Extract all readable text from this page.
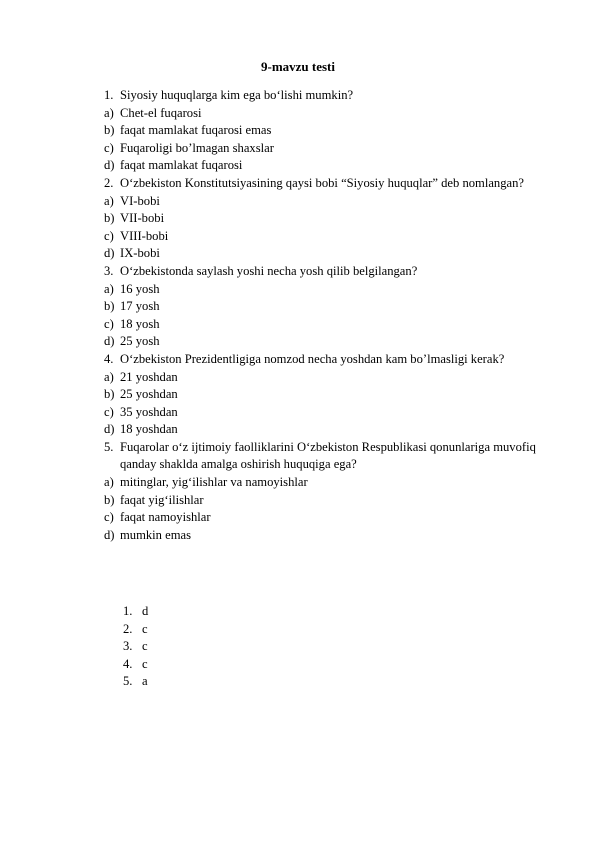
9-mavzu testi
1. Siyosiy huquqlarga kim ega bo‘lishi mumkin?
a) Chet-el fuqarosi
b) faqat mamlakat fuqarosi emas
c) Fuqaroligi bo’lmagan shaxslar
d) faqat mamlakat fuqarosi
2. O‘zbekiston Konstitutsiyasining qaysi bobi “Siyosiy huquqlar” deb nomlangan?
a) VI-bobi
b) VII-bobi
c) VIII-bobi
d) IX-bobi
3. O‘zbekistonda saylash yoshi necha yosh qilib belgilangan?
a) 16 yosh
b) 17 yosh
c) 18 yosh
d) 25 yosh
4. O‘zbekiston Prezidentligiga nomzod necha yoshdan kam bo’lmasligi kerak?
a) 21 yoshdan
b) 25 yoshdan
c) 35 yoshdan
d) 18 yoshdan
5. Fuqarolar o‘z ijtimoiy faolliklarini O‘zbekiston Respublikasi qonunlariga muvofiq qanday shaklda amalga oshirish huquqiga ega?
a) mitinglar, yig‘ilishlar va namoyishlar
b) faqat yig‘ilishlar
c) faqat namoyishlar
d) mumkin emas
1. d
2. c
3. c
4. c
5. a
